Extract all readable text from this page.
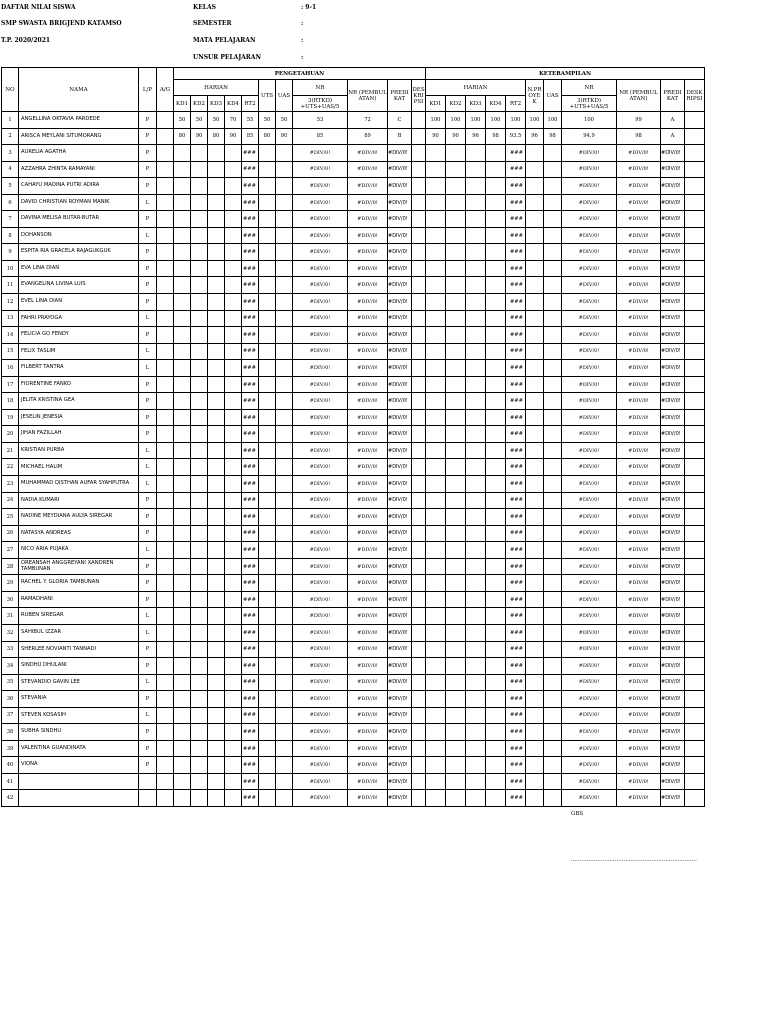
DAFTAR NILAI SISWA
SMP SWASTA BRIGJEND KATAMSO
T.P. 2020/2021
KELAS	: 9-1
SEMESTER	:
MATA PELAJARAN	:
UNSUR PELAJARAN	:
NO	NAMA	L/P	A/G	PENGETAHUAN											KETERAMPILAN										
				HARIAN					UTS	UAS	NR	NR (PEMBUL ATAN)	PREDI KAT	DES KRI PSI	HARIAN					N.PR OYE K	UAS	NR	NR (PEMBUL ATAN)	PREDI KAT	DESK RIPSI
				KD1	KD2	KD3	KD4	RT2			3(RTKD) +UTS+UAS/5				KD1	KD2	KD3	KD4	RT2			3(RTKD) +UTS+UAS/5			
1	ANGELLINA OKTAVIA PARDEDE	P		50	50	50	70	55	50	50	53	72	C		100	100	100	100	100	100	100	100	99	A	
2	ARISCA MEYLANI SITUMORANG	P		80	90	80	90	85	80	90	85	89	B		90	90	96	98	93.5	96	98	94.9	98	A	
3	AURELIA AGATHA	P						###			#DIV/0!	#DIV/0!	#DIV/0!						###			#DIV/0!	#DIV/0!	#DIV/0!	
4	AZZAHRA ZHINTA RAMAYANI	P						###			#DIV/0!	#DIV/0!	#DIV/0!						###			#DIV/0!	#DIV/0!	#DIV/0!	
5	CAHAYU MADINA PUTRI ADIRA	P						###			#DIV/0!	#DIV/0!	#DIV/0!						###			#DIV/0!	#DIV/0!	#DIV/0!	
6	DAVID CHRISTIAN ROYMAN MANIK	L						###			#DIV/0!	#DIV/0!	#DIV/0!						###			#DIV/0!	#DIV/0!	#DIV/0!	
7	DAVINA MELISA BUTAR-BUTAR	P						###			#DIV/0!	#DIV/0!	#DIV/0!						###			#DIV/0!	#DIV/0!	#DIV/0!	
8	DOHANSON	L						###			#DIV/0!	#DIV/0!	#DIV/0!						###			#DIV/0!	#DIV/0!	#DIV/0!	
9	ESPITA RIA GRACELA RAJAGUKGUK	P						###			#DIV/0!	#DIV/0!	#DIV/0!						###			#DIV/0!	#DIV/0!	#DIV/0!	
10	EVA LINA DIAN	P						###			#DIV/0!	#DIV/0!	#DIV/0!						###			#DIV/0!	#DIV/0!	#DIV/0!	
11	EVANGELINA LIVINA LUIS	P						###			#DIV/0!	#DIV/0!	#DIV/0!						###			#DIV/0!	#DIV/0!	#DIV/0!	
12	EVEL LINA DIAN	P						###			#DIV/0!	#DIV/0!	#DIV/0!						###			#DIV/0!	#DIV/0!	#DIV/0!	
13	FAHRI PRAYOGA	L						###			#DIV/0!	#DIV/0!	#DIV/0!						###			#DIV/0!	#DIV/0!	#DIV/0!	
14	FELICIA GO FENDY	P						###			#DIV/0!	#DIV/0!	#DIV/0!						###			#DIV/0!	#DIV/0!	#DIV/0!	
15	FELIX TASLIM	L						###			#DIV/0!	#DIV/0!	#DIV/0!						###			#DIV/0!	#DIV/0!	#DIV/0!	
16	FILBERT TANTRA	L						###			#DIV/0!	#DIV/0!	#DIV/0!						###			#DIV/0!	#DIV/0!	#DIV/0!	
17	FIORENTINE FANKO	P						###			#DIV/0!	#DIV/0!	#DIV/0!						###			#DIV/0!	#DIV/0!	#DIV/0!	
18	JELITA KRISTINA GEA	P						###			#DIV/0!	#DIV/0!	#DIV/0!						###			#DIV/0!	#DIV/0!	#DIV/0!	
19	JESELIN JENESIA	P						###			#DIV/0!	#DIV/0!	#DIV/0!						###			#DIV/0!	#DIV/0!	#DIV/0!	
20	JIHAN FAZILLAH	P						###			#DIV/0!	#DIV/0!	#DIV/0!						###			#DIV/0!	#DIV/0!	#DIV/0!	
21	KRISTIAN PURBA	L						###			#DIV/0!	#DIV/0!	#DIV/0!						###			#DIV/0!	#DIV/0!	#DIV/0!	
22	MICHAEL HALIM	L						###			#DIV/0!	#DIV/0!	#DIV/0!						###			#DIV/0!	#DIV/0!	#DIV/0!	
23	MUHAMMAD QISTHAN AUFAR SYAHPUTRA	L						###			#DIV/0!	#DIV/0!	#DIV/0!						###			#DIV/0!	#DIV/0!	#DIV/0!	
24	NADIA KUMARI	P						###			#DIV/0!	#DIV/0!	#DIV/0!						###			#DIV/0!	#DIV/0!	#DIV/0!	
25	NADINE MEYDIANA AULYA SIREGAR	P						###			#DIV/0!	#DIV/0!	#DIV/0!						###			#DIV/0!	#DIV/0!	#DIV/0!	
26	NATASYA ANDREAS	P						###			#DIV/0!	#DIV/0!	#DIV/0!						###			#DIV/0!	#DIV/0!	#DIV/0!	
27	NICO ARIA PUJAKA	L						###			#DIV/0!	#DIV/0!	#DIV/0!						###			#DIV/0!	#DIV/0!	#DIV/0!	
28	OREANSAH ANGGREYANI XANDREN TAMBUNAN	P						###			#DIV/0!	#DIV/0!	#DIV/0!						###			#DIV/0!	#DIV/0!	#DIV/0!	
29	RACHEL Y. GLORIA TAMBUNAN	P						###			#DIV/0!	#DIV/0!	#DIV/0!						###			#DIV/0!	#DIV/0!	#DIV/0!	
30	RAMADHANI	P						###			#DIV/0!	#DIV/0!	#DIV/0!						###			#DIV/0!	#DIV/0!	#DIV/0!	
31	RUBEN SIREGAR	L						###			#DIV/0!	#DIV/0!	#DIV/0!						###			#DIV/0!	#DIV/0!	#DIV/0!	
32	SAHIBUL IZZAR	L						###			#DIV/0!	#DIV/0!	#DIV/0!						###			#DIV/0!	#DIV/0!	#DIV/0!	
33	SHERLEE NOVIANTI TANNADI	P						###			#DIV/0!	#DIV/0!	#DIV/0!						###			#DIV/0!	#DIV/0!	#DIV/0!	
34	SINDHU DHULANI	P						###			#DIV/0!	#DIV/0!	#DIV/0!						###			#DIV/0!	#DIV/0!	#DIV/0!	
35	STEVANDIO GAVIN LEE	L						###			#DIV/0!	#DIV/0!	#DIV/0!						###			#DIV/0!	#DIV/0!	#DIV/0!	
36	STEVANIA	P						###			#DIV/0!	#DIV/0!	#DIV/0!						###			#DIV/0!	#DIV/0!	#DIV/0!	
37	STEVEN KOSASIH	L						###			#DIV/0!	#DIV/0!	#DIV/0!						###			#DIV/0!	#DIV/0!	#DIV/0!	
38	SUBHA SINDHU	P						###			#DIV/0!	#DIV/0!	#DIV/0!						###			#DIV/0!	#DIV/0!	#DIV/0!	
39	VALENTINA GUANDINATA	P						###			#DIV/0!	#DIV/0!	#DIV/0!						###			#DIV/0!	#DIV/0!	#DIV/0!	
40	VIONA	P						###			#DIV/0!	#DIV/0!	#DIV/0!						###			#DIV/0!	#DIV/0!	#DIV/0!	
41								###			#DIV/0!	#DIV/0!	#DIV/0!						###			#DIV/0!	#DIV/0!	#DIV/0!	
42								###			#DIV/0!	#DIV/0!	#DIV/0!						###			#DIV/0!	#DIV/0!	#DIV/0!	
GBS
........................................................................
